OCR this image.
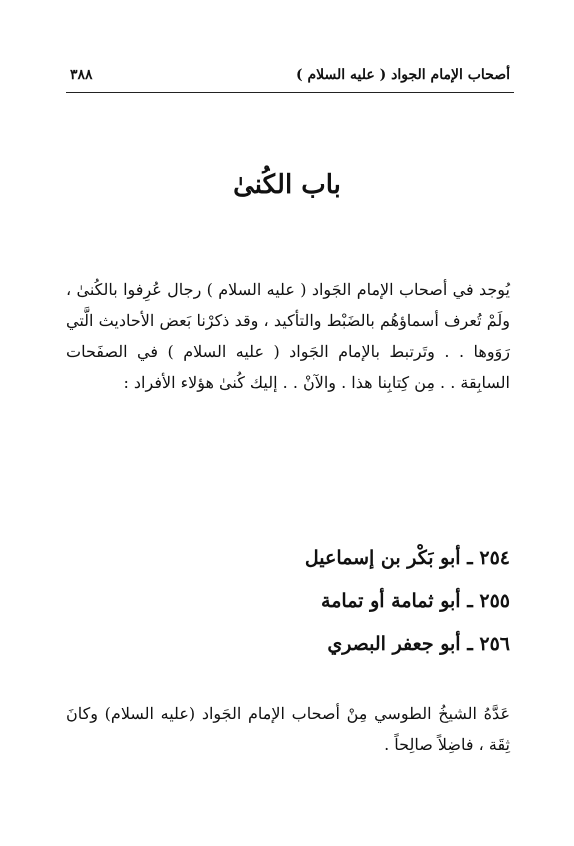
أصحاب الإمام الجواد ( عليه السلام )
٣٨٨
باب الكُنىٰ

يُوجد في أصحاب الإمام الجَواد ( عليه السلام ) رجال عُرِفوا بالكُنىٰ ، ولَمْ تُعرف أسماؤهُم بالضَبْط والتأكيد ، وقد ذكرْنا بَعض الأحاديث الَّتي رَوَوها . . وتَرتبط بالإمام الجَواد ( عليه السلام ) في الصفَحات السابِقة . . مِن كِتابِنا هذا . والآنْ . . إليك كُنىٰ هؤلاء الأفراد :

٢٥٤ ـ أبو بَكْر بن إسماعيل
٢٥٥ ـ أبو ثمامة أو تمامة
٢٥٦ ـ أبو جعفر البصري

عَدَّهُ الشيخُ الطوسي مِنْ أصحاب الإمام الجَواد (عليه السلام) وكانَ ثِقَة ، فاضِلاً صالِحاً .
